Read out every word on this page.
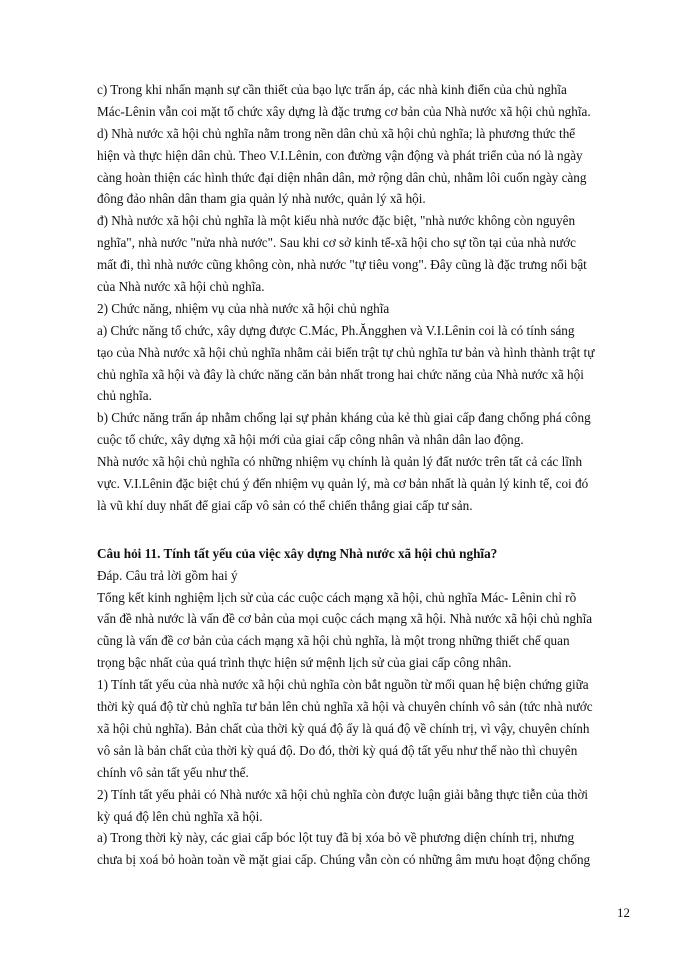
c) Trong khi nhấn mạnh sự cần thiết của bạo lực trấn áp, các nhà kinh điển của chủ nghĩa
Mác-Lênin vẫn coi mặt tổ chức xây dựng là đặc trưng cơ bản của Nhà nước xã hội chủ nghĩa.
d) Nhà nước xã hội chủ nghĩa nằm trong nền dân chủ xã hội chủ nghĩa; là phương thức thể
hiện và thực hiện dân chủ. Theo V.I.Lênin, con đường vận động và phát triển của nó là ngày
càng hoàn thiện các hình thức đại diện nhân dân, mở rộng dân chủ, nhằm lôi cuốn ngày càng
đông đảo nhân dân tham gia quản lý nhà nước, quản lý xã hội.
đ) Nhà nước xã hội chủ nghĩa là một kiểu nhà nước đặc biệt, "nhà nước không còn nguyên
nghĩa", nhà nước "nửa nhà nước". Sau khi cơ sở kinh tế-xã hội cho sự tồn tại của nhà nước
mất đi, thì nhà nước cũng không còn, nhà nước "tự tiêu vong". Đây cũng là đặc trưng nổi bật
của Nhà nước xã hội chủ nghĩa.
2) Chức năng, nhiệm vụ của nhà nước xã hội chủ nghĩa
a) Chức năng tổ chức, xây dựng được C.Mác, Ph.Ăngghen và V.I.Lênin coi là có tính sáng
tạo của Nhà nước xã hội chủ nghĩa nhằm cải biến trật tự chủ nghĩa tư bản và hình thành trật tự
chủ nghĩa xã hội và đây là chức năng căn bản nhất trong hai chức năng của Nhà nước xã hội
chủ nghĩa.
b) Chức năng trấn áp nhằm chống lại sự phản kháng của kẻ thù giai cấp đang chống phá công
cuộc tổ chức, xây dựng xã hội mới của giai cấp công nhân và nhân dân lao động.
Nhà nước xã hội chủ nghĩa có những nhiệm vụ chính là quản lý đất nước trên tất cả các lĩnh
vực. V.I.Lênin đặc biệt chú ý đến nhiệm vụ quản lý, mà cơ bản nhất là quản lý kinh tế, coi đó
là vũ khí duy nhất để giai cấp vô sản có thể chiến thắng giai cấp tư sản.
Câu hỏi 11. Tính tất yếu của việc xây dựng Nhà nước xã hội chủ nghĩa?
Đáp. Câu trả lời gồm hai ý
Tổng kết kinh nghiệm lịch sử của các cuộc cách mạng xã hội, chủ nghĩa Mác- Lênin chỉ rõ
vấn đề nhà nước là vấn đề cơ bản của mọi cuộc cách mạng xã hội. Nhà nước xã hội chủ nghĩa
cũng là vấn đề cơ bản của cách mạng xã hội chủ nghĩa, là một trong những thiết chế quan
trọng bậc nhất của quá trình thực hiện sứ mệnh lịch sử của giai cấp công nhân.
1) Tính tất yếu của nhà nước xã hội chủ nghĩa còn bắt nguồn từ mối quan hệ biện chứng giữa
thời kỳ quá độ từ chủ nghĩa tư bản lên chủ nghĩa xã hội và chuyên chính vô sản (tức nhà nước
xã hội chủ nghĩa). Bản chất của thời kỳ quá độ ấy là quá độ về chính trị, vì vậy, chuyên chính
vô sản là bản chất của thời kỳ quá độ. Do đó, thời kỳ quá độ tất yếu như thế nào thì chuyên
chính vô sản tất yếu như thế.
2) Tính tất yếu phải có Nhà nước xã hội chủ nghĩa còn được luận giải bằng thực tiễn của thời
kỳ quá độ lên chủ nghĩa xã hội.
a) Trong thời kỳ này, các giai cấp bóc lột tuy đã bị xóa bỏ về phương diện chính trị, nhưng
chưa bị xoá bỏ hoàn toàn về mặt giai cấp. Chúng vẫn còn có những âm mưu hoạt động chống
12
